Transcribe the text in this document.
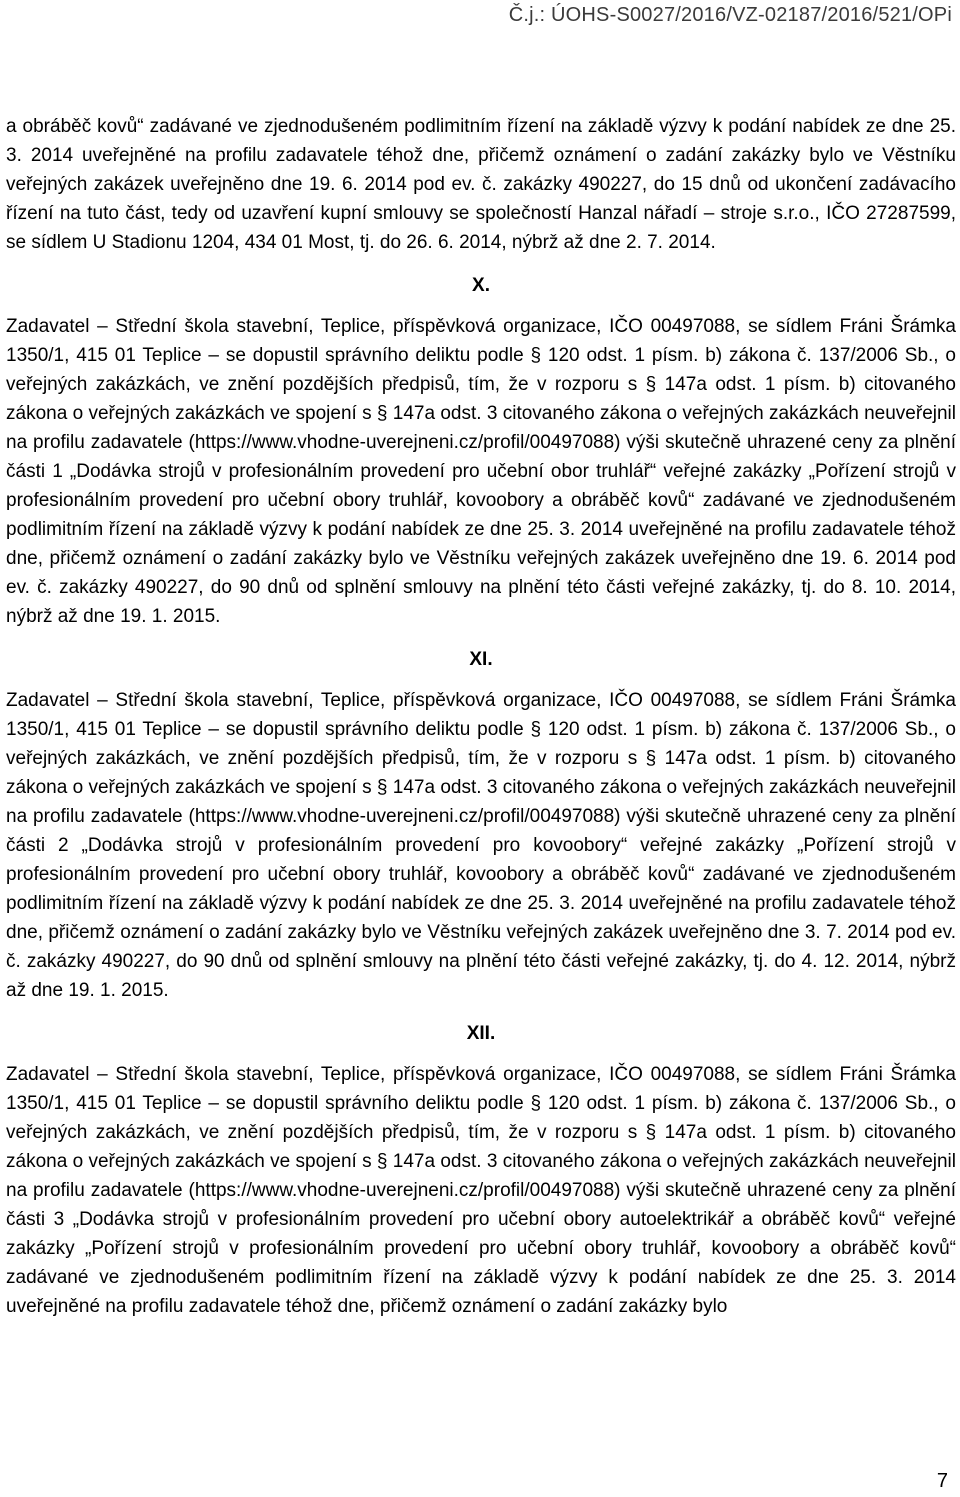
Č.j.: ÚOHS-S0027/2016/VZ-02187/2016/521/OPi

a obráběč kovů“ zadávané ve zjednodušeném podlimitním řízení na základě výzvy k podání nabídek ze dne 25. 3. 2014 uveřejněné na profilu zadavatele téhož dne, přičemž oznámení o zadání zakázky bylo ve Věstníku veřejných zakázek uveřejněno dne 19. 6. 2014 pod ev. č. zakázky 490227, do 15 dnů od ukončení zadávacího řízení na tuto část, tedy od uzavření kupní smlouvy se společností Hanzal nářadí – stroje s.r.o., IČO 27287599, se sídlem U Stadionu 1204, 434 01 Most, tj. do 26. 6. 2014, nýbrž až dne 2. 7. 2014.

X.

Zadavatel – Střední škola stavební, Teplice, příspěvková organizace, IČO 00497088, se sídlem Fráni Šrámka 1350/1, 415 01 Teplice – se dopustil správního deliktu podle § 120 odst. 1 písm. b) zákona č. 137/2006 Sb., o veřejných zakázkách, ve znění pozdějších předpisů, tím, že v rozporu s § 147a odst. 1 písm. b) citovaného zákona o veřejných zakázkách ve spojení s § 147a odst. 3 citovaného zákona o veřejných zakázkách neuveřejnil na profilu zadavatele (https://www.vhodne-uverejneni.cz/profil/00497088) výši skutečně uhrazené ceny za plnění části 1 „Dodávka strojů v profesionálním provedení pro učební obor truhlář“ veřejné zakázky „Pořízení strojů v profesionálním provedení pro učební obory truhlář, kovoobory a obráběč kovů“ zadávané ve zjednodušeném podlimitním řízení na základě výzvy k podání nabídek ze dne 25. 3. 2014 uveřejněné na profilu zadavatele téhož dne, přičemž oznámení o zadání zakázky bylo ve Věstníku veřejných zakázek uveřejněno dne 19. 6. 2014 pod ev. č. zakázky 490227, do 90 dnů od splnění smlouvy na plnění této části veřejné zakázky, tj. do 8. 10. 2014, nýbrž až dne 19. 1. 2015.

XI.

Zadavatel – Střední škola stavební, Teplice, příspěvková organizace, IČO 00497088, se sídlem Fráni Šrámka 1350/1, 415 01 Teplice – se dopustil správního deliktu podle § 120 odst. 1 písm. b) zákona č. 137/2006 Sb., o veřejných zakázkách, ve znění pozdějších předpisů, tím, že v rozporu s § 147a odst. 1 písm. b) citovaného zákona o veřejných zakázkách ve spojení s § 147a odst. 3 citovaného zákona o veřejných zakázkách neuveřejnil na profilu zadavatele (https://www.vhodne-uverejneni.cz/profil/00497088) výši skutečně uhrazené ceny za plnění části 2 „Dodávka strojů v profesionálním provedení pro kovoobory“ veřejné zakázky „Pořízení strojů v profesionálním provedení pro učební obory truhlář, kovoobory a obráběč kovů“ zadávané ve zjednodušeném podlimitním řízení na základě výzvy k podání nabídek ze dne 25. 3. 2014 uveřejněné na profilu zadavatele téhož dne, přičemž oznámení o zadání zakázky bylo ve Věstníku veřejných zakázek uveřejněno dne 3. 7. 2014 pod ev. č. zakázky 490227, do 90 dnů od splnění smlouvy na plnění této části veřejné zakázky, tj. do 4. 12. 2014, nýbrž až dne 19. 1. 2015.

XII.

Zadavatel – Střední škola stavební, Teplice, příspěvková organizace, IČO 00497088, se sídlem Fráni Šrámka 1350/1, 415 01 Teplice – se dopustil správního deliktu podle § 120 odst. 1 písm. b) zákona č. 137/2006 Sb., o veřejných zakázkách, ve znění pozdějších předpisů, tím, že v rozporu s § 147a odst. 1 písm. b) citovaného zákona o veřejných zakázkách ve spojení s § 147a odst. 3 citovaného zákona o veřejných zakázkách neuveřejnil na profilu zadavatele (https://www.vhodne-uverejneni.cz/profil/00497088) výši skutečně uhrazené ceny za plnění části 3 „Dodávka strojů v profesionálním provedení pro učební obory autoelektrikář a obráběč kovů“ veřejné zakázky „Pořízení strojů v profesionálním provedení pro učební obory truhlář, kovoobory a obráběč kovů“ zadávané ve zjednodušeném podlimitním řízení na základě výzvy k podání nabídek ze dne 25. 3. 2014 uveřejněné na profilu zadavatele téhož dne, přičemž oznámení o zadání zakázky bylo

7
